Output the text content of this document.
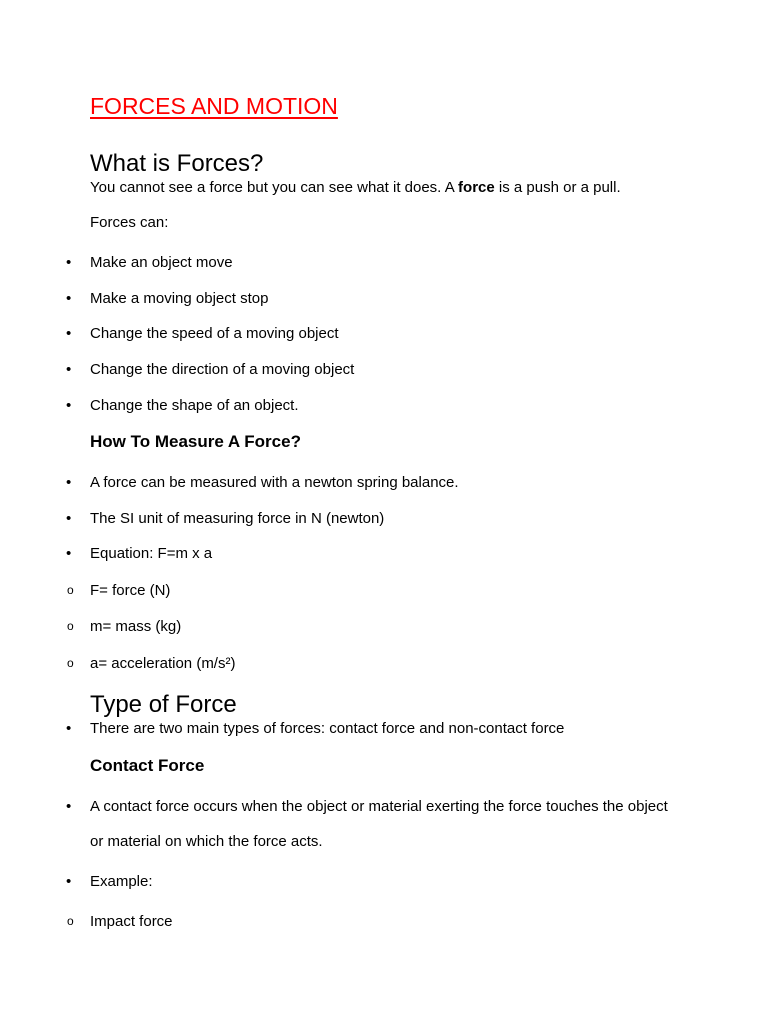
FORCES AND MOTION
What is Forces?
You cannot see a force but you can see what it does. A force is a push or a pull.
Forces can:
• Make an object move
• Make a moving object stop
• Change the speed of a moving object
• Change the direction of a moving object
• Change the shape of an object.
How To Measure A Force?
• A force can be measured with a newton spring balance.
• The SI unit of measuring force in N (newton)
• Equation: F=m x a
o F= force (N)
o m= mass (kg)
o a= acceleration (m/s²)
Type of Force
• There are two main types of forces: contact force and non-contact force
Contact Force
• A contact force occurs when the object or material exerting the force touches the object
or material on which the force acts.
• Example:
o Impact force
